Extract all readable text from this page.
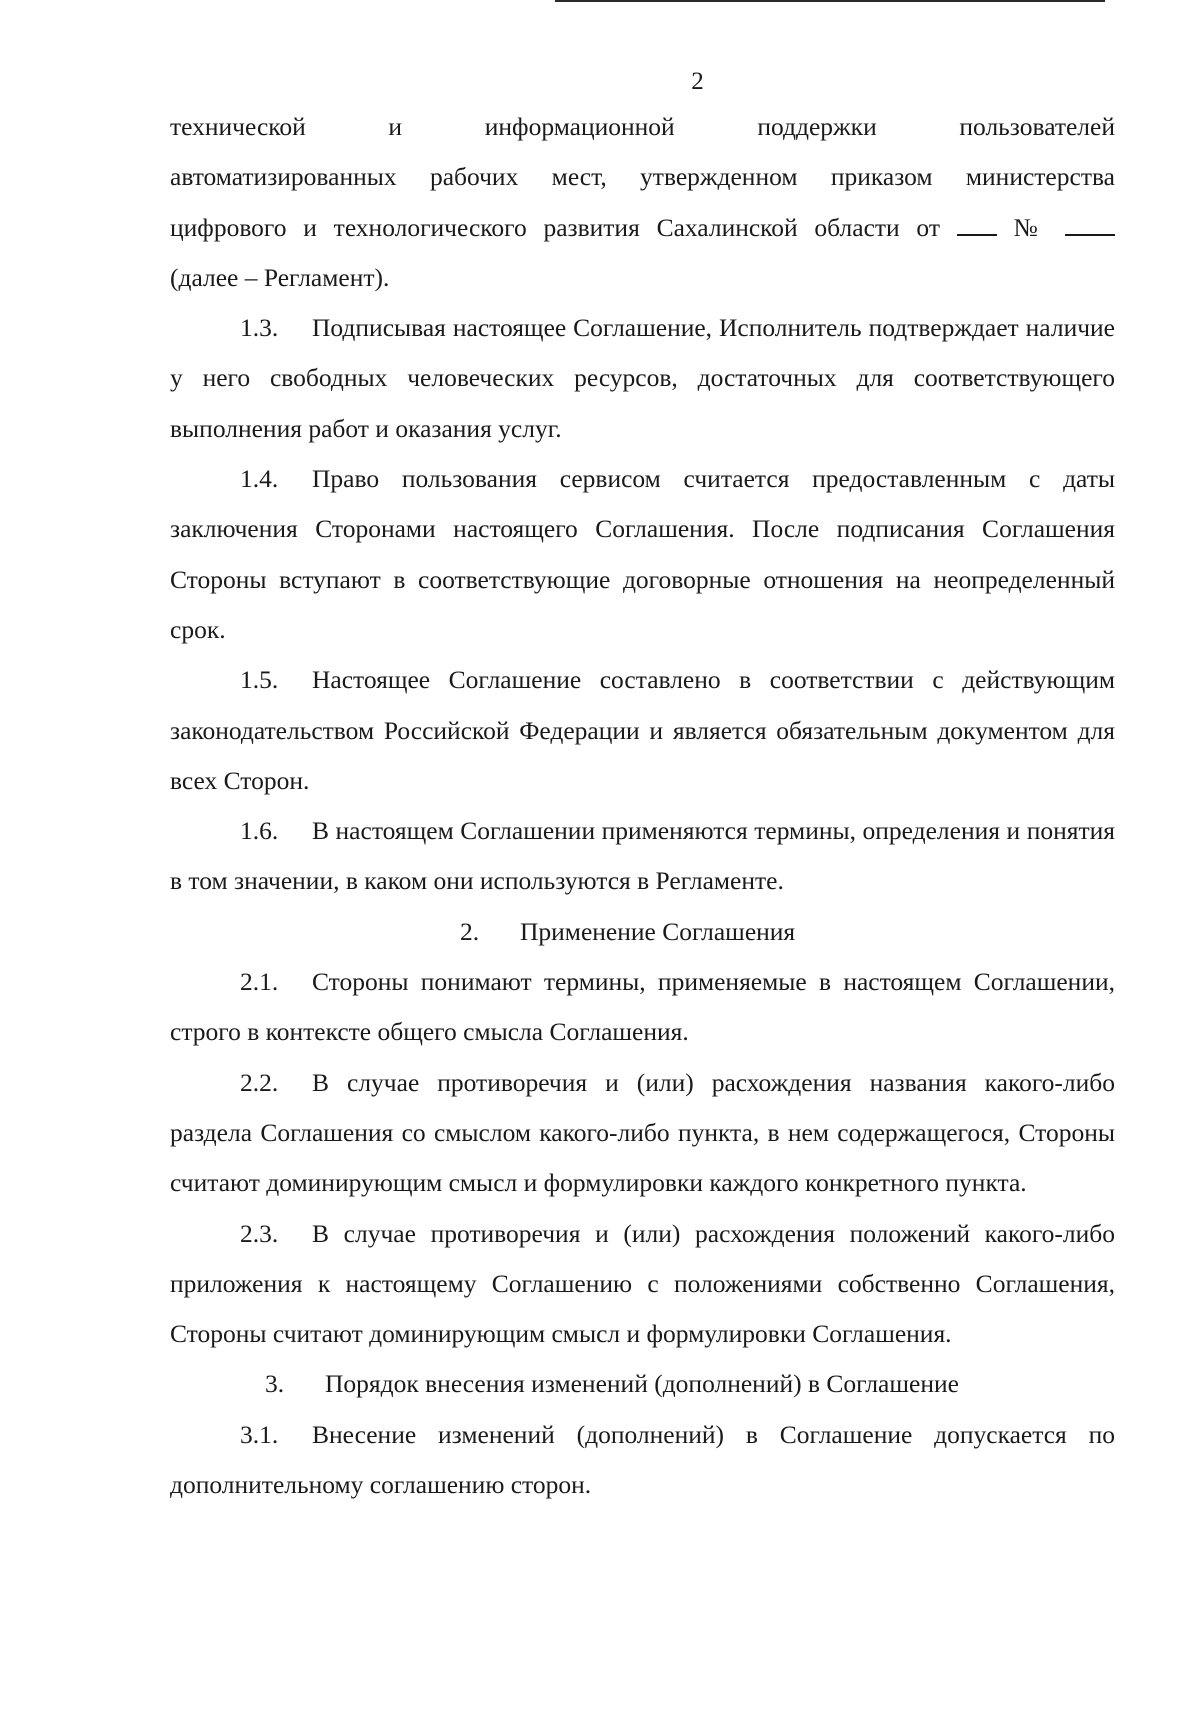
2
технической и информационной поддержки пользователей
автоматизированных рабочих мест, утвержденном приказом министерства
цифрового и технологического развития Сахалинской области от	№
(далее – Регламент).

1.3. Подписывая настоящее Соглашение, Исполнитель подтверждает наличие у него свободных человеческих ресурсов, достаточных для соответствующего выполнения работ и оказания услуг.

1.4. Право пользования сервисом считается предоставленным с даты заключения Сторонами настоящего Соглашения. После подписания Соглашения Стороны вступают в соответствующие договорные отношения на неопределенный срок.

1.5. Настоящее Соглашение составлено в соответствии с действующим законодательством Российской Федерации и является обязательным документом для всех Сторон.

1.6. В настоящем Соглашении применяются термины, определения и понятия в том значении, в каком они используются в Регламенте.

2. Применение Соглашения

2.1. Стороны понимают термины, применяемые в настоящем Соглашении, строго в контексте общего смысла Соглашения.

2.2. В случае противоречия и (или) расхождения названия какого-либо раздела Соглашения со смыслом какого-либо пункта, в нем содержащегося, Стороны считают доминирующим смысл и формулировки каждого конкретного пункта.

2.3. В случае противоречия и (или) расхождения положений какого-либо приложения к настоящему Соглашению с положениями собственно Соглашения, Стороны считают доминирующим смысл и формулировки Соглашения.

3. Порядок внесения изменений (дополнений) в Соглашение

3.1. Внесение изменений (дополнений) в Соглашение допускается по дополнительному соглашению сторон.
